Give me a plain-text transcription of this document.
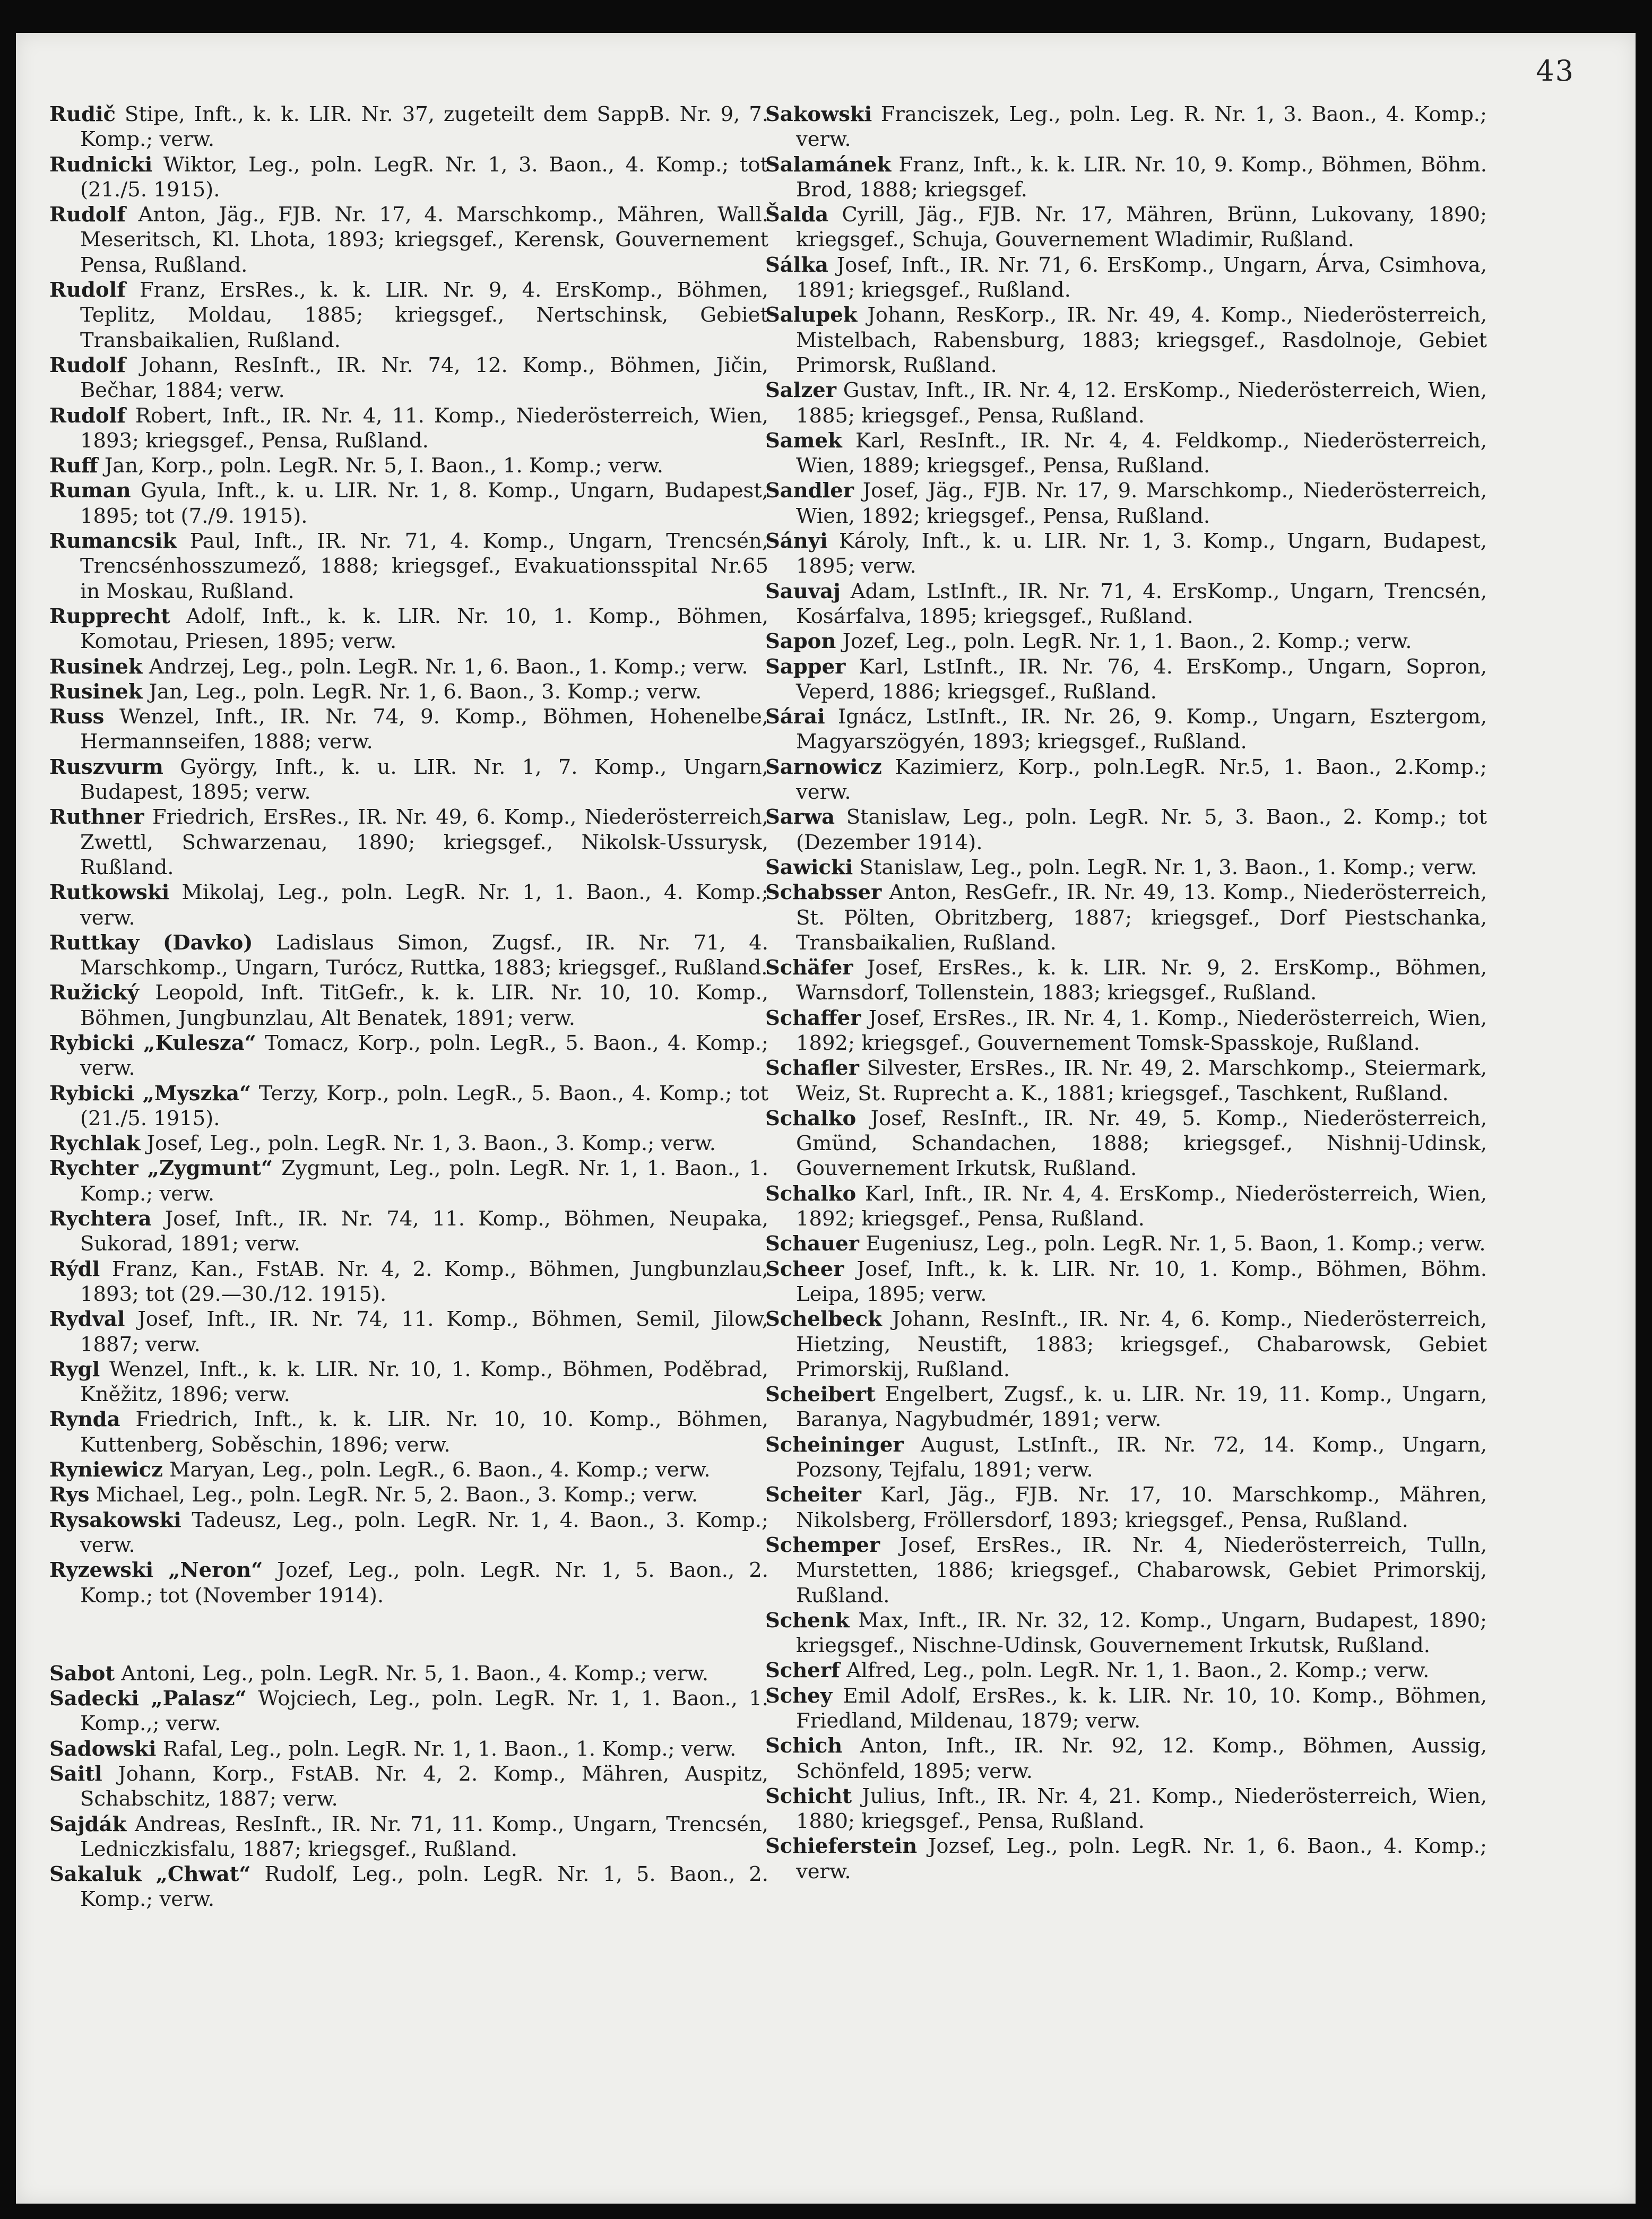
43

Rudič Stipe, Inft., k. k. LIR. Nr. 37, zugeteilt dem SappB. Nr. 9, 7. Komp.; verw.

Rudnicki Wiktor, Leg., poln. LegR. Nr. 1, 3. Baon., 4. Komp.; tot (21./5. 1915).

Rudolf Anton, Jäg., FJB. Nr. 17, 4. Marschkomp., Mähren, Wall. Meseritsch, Kl. Lhota, 1893; kriegsgef., Kerensk, Gouvernement Pensa, Rußland.

Rudolf Franz, ErsRes., k. k. LIR. Nr. 9, 4. ErsKomp., Böhmen, Teplitz, Moldau, 1885; kriegsgef., Nertschinsk, Gebiet Transbaikalien, Rußland.

Rudolf Johann, ResInft., IR. Nr. 74, 12. Komp., Böhmen, Jičin, Bečhar, 1884; verw.

Rudolf Robert, Inft., IR. Nr. 4, 11. Komp., Niederösterreich, Wien, 1893; kriegsgef., Pensa, Rußland.

Ruff Jan, Korp., poln. LegR. Nr. 5, I. Baon., 1. Komp.; verw.

Ruman Gyula, Inft., k. u. LIR. Nr. 1, 8. Komp., Ungarn, Budapest, 1895; tot (7./9. 1915).

Rumancsik Paul, Inft., IR. Nr. 71, 4. Komp., Ungarn, Trencsén, Trencsénhosszumező, 1888; kriegsgef., Evakuationsspital Nr.65 in Moskau, Rußland.

Rupprecht Adolf, Inft., k. k. LIR. Nr. 10, 1. Komp., Böhmen, Komotau, Priesen, 1895; verw.

Rusinek Andrzej, Leg., poln. LegR. Nr. 1, 6. Baon., 1. Komp.; verw.

Rusinek Jan, Leg., poln. LegR. Nr. 1, 6. Baon., 3. Komp.; verw.

Russ Wenzel, Inft., IR. Nr. 74, 9. Komp., Böhmen, Hohenelbe, Hermannseifen, 1888; verw.

Ruszvurm György, Inft., k. u. LIR. Nr. 1, 7. Komp., Ungarn, Budapest, 1895; verw.

Ruthner Friedrich, ErsRes., IR. Nr. 49, 6. Komp., Niederösterreich, Zwettl, Schwarzenau, 1890; kriegsgef., Nikolsk-Ussurysk, Rußland.

Rutkowski Mikolaj, Leg., poln. LegR. Nr. 1, 1. Baon., 4. Komp.; verw.

Ruttkay (Davko) Ladislaus Simon, Zugsf., IR. Nr. 71, 4. Marschkomp., Ungarn, Turócz, Ruttka, 1883; kriegsgef., Rußland.

Ružický Leopold, Inft. TitGefr., k. k. LIR. Nr. 10, 10. Komp., Böhmen, Jungbunzlau, Alt Benatek, 1891; verw.

Rybicki „Kulesza“ Tomacz, Korp., poln. LegR., 5. Baon., 4. Komp.; verw.

Rybicki „Myszka“ Terzy, Korp., poln. LegR., 5. Baon., 4. Komp.; tot (21./5. 1915).

Rychlak Josef, Leg., poln. LegR. Nr. 1, 3. Baon., 3. Komp.; verw.

Rychter „Zygmunt“ Zygmunt, Leg., poln. LegR. Nr. 1, 1. Baon., 1. Komp.; verw.

Rychtera Josef, Inft., IR. Nr. 74, 11. Komp., Böhmen, Neupaka, Sukorad, 1891; verw.

Rýdl Franz, Kan., FstAB. Nr. 4, 2. Komp., Böhmen, Jungbunzlau, 1893; tot (29.—30./12. 1915).

Rydval Josef, Inft., IR. Nr. 74, 11. Komp., Böhmen, Semil, Jilow, 1887; verw.

Rygl Wenzel, Inft., k. k. LIR. Nr. 10, 1. Komp., Böhmen, Poděbrad, Kněžitz, 1896; verw.

Rynda Friedrich, Inft., k. k. LIR. Nr. 10, 10. Komp., Böhmen, Kuttenberg, Soběschin, 1896; verw.

Ryniewicz Maryan, Leg., poln. LegR., 6. Baon., 4. Komp.; verw.

Rys Michael, Leg., poln. LegR. Nr. 5, 2. Baon., 3. Komp.; verw.

Rysakowski Tadeusz, Leg., poln. LegR. Nr. 1, 4. Baon., 3. Komp.; verw.

Ryzewski „Neron“ Jozef, Leg., poln. LegR. Nr. 1, 5. Baon., 2. Komp.; tot (November 1914).

Sabot Antoni, Leg., poln. LegR. Nr. 5, 1. Baon., 4. Komp.; verw.

Sadecki „Palasz“ Wojciech, Leg., poln. LegR. Nr. 1, 1. Baon., 1. Komp.,; verw.

Sadowski Rafal, Leg., poln. LegR. Nr. 1, 1. Baon., 1. Komp.; verw.

Saitl Johann, Korp., FstAB. Nr. 4, 2. Komp., Mähren, Auspitz, Schabschitz, 1887; verw.

Sajdák Andreas, ResInft., IR. Nr. 71, 11. Komp., Ungarn, Trencsén, Ledniczkisfalu, 1887; kriegsgef., Rußland.

Sakaluk „Chwat“ Rudolf, Leg., poln. LegR. Nr. 1, 5. Baon., 2. Komp.; verw.

Sakowski Franciszek, Leg., poln. Leg. R. Nr. 1, 3. Baon., 4. Komp.; verw.

Salamánek Franz, Inft., k. k. LIR. Nr. 10, 9. Komp., Böhmen, Böhm. Brod, 1888; kriegsgef.

Šalda Cyrill, Jäg., FJB. Nr. 17, Mähren, Brünn, Lukovany, 1890; kriegsgef., Schuja, Gouvernement Wladimir, Rußland.

Sálka Josef, Inft., IR. Nr. 71, 6. ErsKomp., Ungarn, Árva, Csimhova, 1891; kriegsgef., Rußland.

Salupek Johann, ResKorp., IR. Nr. 49, 4. Komp., Niederösterreich, Mistelbach, Rabensburg, 1883; kriegsgef., Rasdolnoje, Gebiet Primorsk, Rußland.

Salzer Gustav, Inft., IR. Nr. 4, 12. ErsKomp., Niederösterreich, Wien, 1885; kriegsgef., Pensa, Rußland.

Samek Karl, ResInft., IR. Nr. 4, 4. Feldkomp., Niederösterreich, Wien, 1889; kriegsgef., Pensa, Rußland.

Sandler Josef, Jäg., FJB. Nr. 17, 9. Marschkomp., Niederösterreich, Wien, 1892; kriegsgef., Pensa, Rußland.

Sányi Károly, Inft., k. u. LIR. Nr. 1, 3. Komp., Ungarn, Budapest, 1895; verw.

Sauvaj Adam, LstInft., IR. Nr. 71, 4. ErsKomp., Ungarn, Trencsén, Kosárfalva, 1895; kriegsgef., Rußland.

Sapon Jozef, Leg., poln. LegR. Nr. 1, 1. Baon., 2. Komp.; verw.

Sapper Karl, LstInft., IR. Nr. 76, 4. ErsKomp., Ungarn, Sopron, Veperd, 1886; kriegsgef., Rußland.

Sárai Ignácz, LstInft., IR. Nr. 26, 9. Komp., Ungarn, Esztergom, Magyarszögyén, 1893; kriegsgef., Rußland.

Sarnowicz Kazimierz, Korp., poln.LegR. Nr.5, 1. Baon., 2.Komp.; verw.

Sarwa Stanislaw, Leg., poln. LegR. Nr. 5, 3. Baon., 2. Komp.; tot (Dezember 1914).

Sawicki Stanislaw, Leg., poln. LegR. Nr. 1, 3. Baon., 1. Komp.; verw.

Schabsser Anton, ResGefr., IR. Nr. 49, 13. Komp., Niederösterreich, St. Pölten, Obritzberg, 1887; kriegsgef., Dorf Piestschanka, Transbaikalien, Rußland.

Schäfer Josef, ErsRes., k. k. LIR. Nr. 9, 2. ErsKomp., Böhmen, Warnsdorf, Tollenstein, 1883; kriegsgef., Rußland.

Schaffer Josef, ErsRes., IR. Nr. 4, 1. Komp., Niederösterreich, Wien, 1892; kriegsgef., Gouvernement Tomsk-Spasskoje, Rußland.

Schafler Silvester, ErsRes., IR. Nr. 49, 2. Marschkomp., Steiermark, Weiz, St. Ruprecht a. K., 1881; kriegsgef., Taschkent, Rußland.

Schalko Josef, ResInft., IR. Nr. 49, 5. Komp., Niederösterreich, Gmünd, Schandachen, 1888; kriegsgef., Nishnij-Udinsk, Gouvernement Irkutsk, Rußland.

Schalko Karl, Inft., IR. Nr. 4, 4. ErsKomp., Niederösterreich, Wien, 1892; kriegsgef., Pensa, Rußland.

Schauer Eugeniusz, Leg., poln. LegR. Nr. 1, 5. Baon, 1. Komp.; verw.

Scheer Josef, Inft., k. k. LIR. Nr. 10, 1. Komp., Böhmen, Böhm. Leipa, 1895; verw.

Schelbeck Johann, ResInft., IR. Nr. 4, 6. Komp., Niederösterreich, Hietzing, Neustift, 1883; kriegsgef., Chabarowsk, Gebiet Primorskij, Rußland.

Scheibert Engelbert, Zugsf., k. u. LIR. Nr. 19, 11. Komp., Ungarn, Baranya, Nagybudmér, 1891; verw.

Scheininger August, LstInft., IR. Nr. 72, 14. Komp., Ungarn, Pozsony, Tejfalu, 1891; verw.

Scheiter Karl, Jäg., FJB. Nr. 17, 10. Marschkomp., Mähren, Nikolsberg, Fröllersdorf, 1893; kriegsgef., Pensa, Rußland.

Schemper Josef, ErsRes., IR. Nr. 4, Niederösterreich, Tulln, Murstetten, 1886; kriegsgef., Chabarowsk, Gebiet Primorskij, Rußland.

Schenk Max, Inft., IR. Nr. 32, 12. Komp., Ungarn, Budapest, 1890; kriegsgef., Nischne-Udinsk, Gouvernement Irkutsk, Rußland.

Scherf Alfred, Leg., poln. LegR. Nr. 1, 1. Baon., 2. Komp.; verw.

Schey Emil Adolf, ErsRes., k. k. LIR. Nr. 10, 10. Komp., Böhmen, Friedland, Mildenau, 1879; verw.

Schich Anton, Inft., IR. Nr. 92, 12. Komp., Böhmen, Aussig, Schönfeld, 1895; verw.

Schicht Julius, Inft., IR. Nr. 4, 21. Komp., Niederösterreich, Wien, 1880; kriegsgef., Pensa, Rußland.

Schieferstein Jozsef, Leg., poln. LegR. Nr. 1, 6. Baon., 4. Komp.; verw.
